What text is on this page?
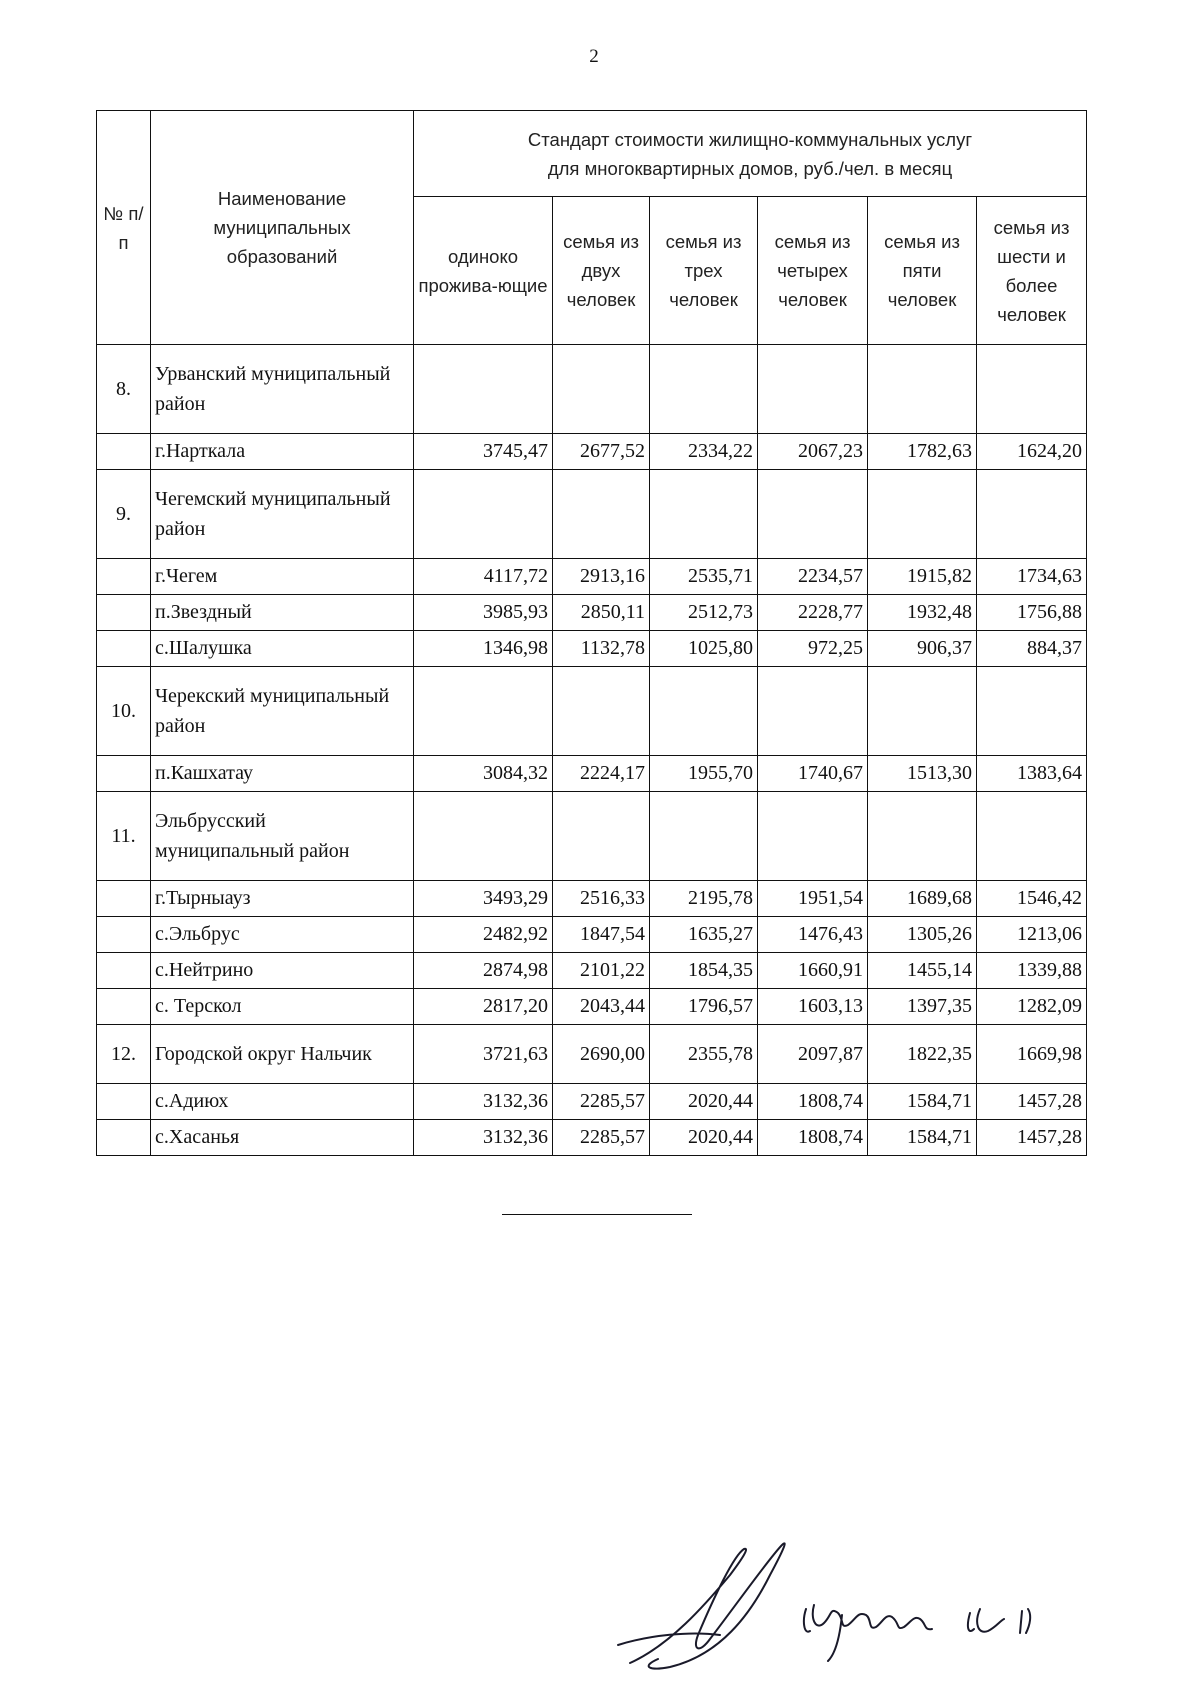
2
№ п/п	Наименование муниципальных образований	Стандарт стоимости жилищно-коммунальных услуг
для многоквартирных домов, руб./чел. в месяц					

		одиноко проживa-ющие	семья из двух человек	семья из трех человек	семья из четырех человек	семья из пяти человек	семья из шести и более человек
8.	Урванский муниципальный район						
	г.Нарткала	3745,47	2677,52	2334,22	2067,23	1782,63	1624,20
9.	Чегемский муниципальный район						
	г.Чегем	4117,72	2913,16	2535,71	2234,57	1915,82	1734,63
	п.Звездный	3985,93	2850,11	2512,73	2228,77	1932,48	1756,88
	с.Шалушка	1346,98	1132,78	1025,80	972,25	906,37	884,37
10.	Черекский муниципальный район						
	п.Кашхатау	3084,32	2224,17	1955,70	1740,67	1513,30	1383,64
11.	Эльбрусский муниципальный район						
	г.Тырныауз	3493,29	2516,33	2195,78	1951,54	1689,68	1546,42
	с.Эльбрус	2482,92	1847,54	1635,27	1476,43	1305,26	1213,06
	с.Нейтрино	2874,98	2101,22	1854,35	1660,91	1455,14	1339,88
	с. Терскол	2817,20	2043,44	1796,57	1603,13	1397,35	1282,09
12.	Городской округ Нальчик	3721,63	2690,00	2355,78	2097,87	1822,35	1669,98
	с.Адиюх	3132,36	2285,57	2020,44	1808,74	1584,71	1457,28
	с.Хасанья	3132,36	2285,57	2020,44	1808,74	1584,71	1457,28
